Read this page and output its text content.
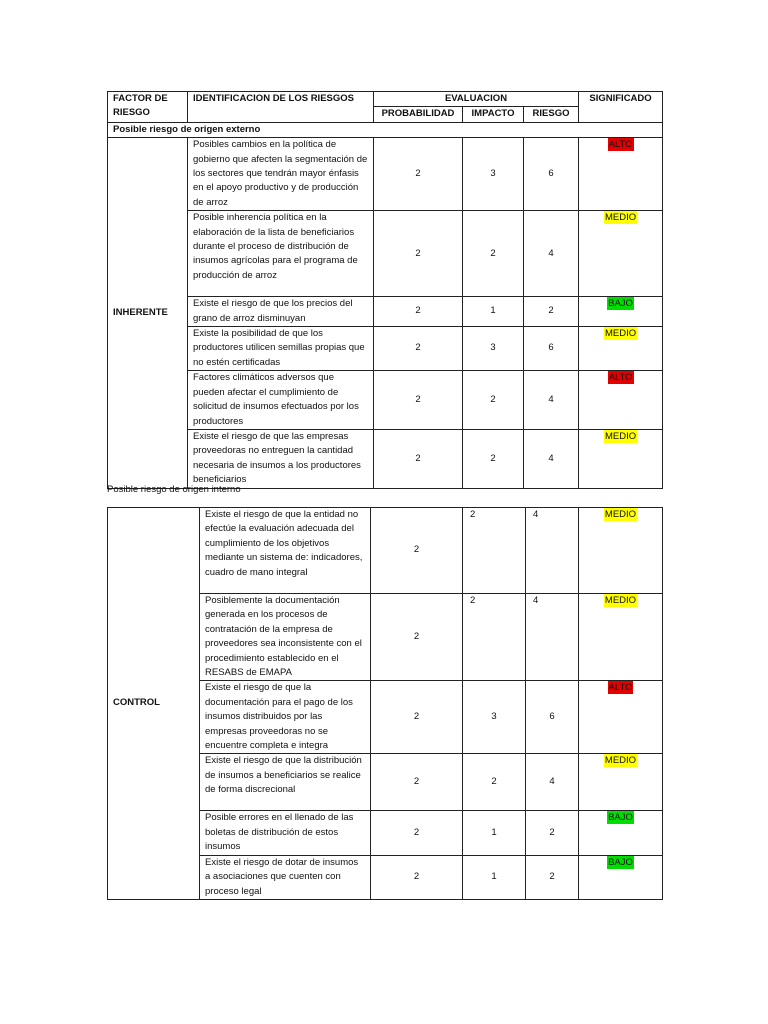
FACTOR DE RIESGO	IDENTIFICACION DE LOS RIESGOS	EVALUACION			SIGNIFICADO
		PROBABILIDAD	IMPACTO	RIESGO	
Posible riesgo de origen externo					
INHERENTE	Posibles cambios en la política de gobierno que afecten la segmentación de los sectores que tendrán mayor énfasis en el apoyo productivo y de producción de arroz	2	3	6	ALTO
	Posible inherencia política en la elaboración de la lista de beneficiarios durante el proceso de distribución de insumos agrícolas para el programa de producción de arroz	2	2	4	MEDIO
	Existe el riesgo de que los precios del grano de arroz disminuyan	2	1	2	BAJO
	Existe la posibilidad de que los productores utilicen semillas propias que no estén certificadas	2	3	6	MEDIO
	Factores climáticos adversos que pueden afectar el cumplimiento de solicitud de insumos efectuados por los productores	2	2	4	ALTO
	Existe el riesgo de que las empresas proveedoras no entreguen la cantidad necesaria de insumos a los productores beneficiarios	2	2	4	MEDIO
Posible riesgo de origen interno
CONTROL	Existe el riesgo de que la entidad no efectúe la evaluación adecuada del cumplimiento de los objetivos mediante un sistema de: indicadores, cuadro de mano integral	2	2	4	MEDIO
	Posiblemente la documentación generada en los procesos de contratación de la empresa de proveedores sea inconsistente con el procedimiento establecido en el RESABS de EMAPA	2	2	4	MEDIO
	Existe el riesgo de que la documentación para el pago de los insumos distribuidos por las empresas proveedoras no se encuentre completa e integra	2	3	6	ALTO
	Existe el riesgo de que la distribución de insumos a beneficiarios se realice de forma discrecional	2	2	4	MEDIO
	Posible errores en el llenado de las boletas de distribución de estos insumos	2	1	2	BAJO
	Existe el riesgo de dotar de insumos a asociaciones que cuenten con proceso legal	2	1	2	BAJO
